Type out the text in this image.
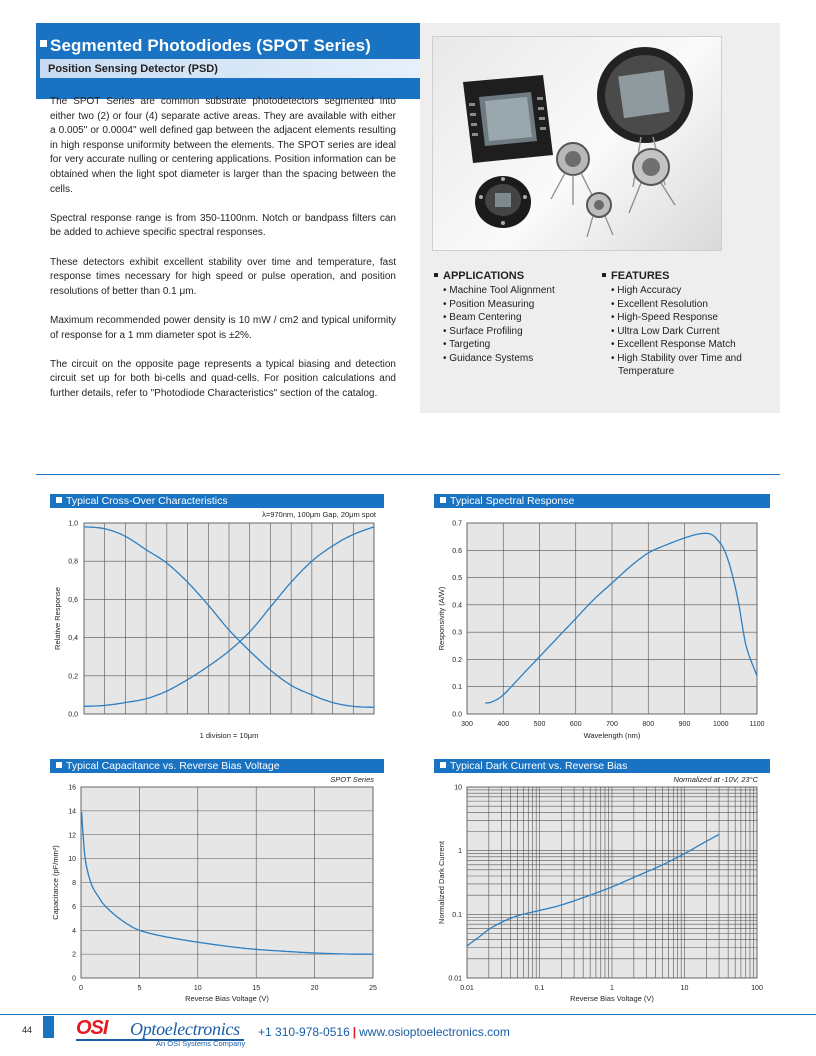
Segmented Photodiodes (SPOT Series)
Position Sensing Detector (PSD)

The SPOT Series are common substrate photodetectors segmented into either two (2) or four (4) separate active areas. They are available with either a 0.005" or 0.0004" well defined gap between the adjacent elements resulting in high response uniformity between the elements. The SPOT series are ideal for very accurate nulling or centering applications. Position information can be obtained when the light spot diameter is larger than the spacing between the cells.

Spectral response range is from 350-1100nm. Notch or bandpass filters can be added to achieve specific spectral responses.

These detectors exhibit excellent stability over time and temperature, fast response times necessary for high speed or pulse operation, and position resolutions of better than 0.1 μm.

Maximum recommended power density is 10 mW / cm2 and typical uniformity of response for a 1 mm diameter spot is ±2%.

The circuit on the opposite page represents a typical biasing and detection circuit set up for both bi-cells and quad-cells. For position calculations and further details, refer to "Photodiode Characteristics" section of the catalog.

APPLICATIONS
• Machine Tool Alignment
• Position Measuring
• Beam Centering
• Surface Profiling
• Targeting
• Guidance Systems
FEATURES
• High Accuracy
• Excellent Resolution
• High-Speed Response
• Ultra Low Dark Current
• Excellent Response Match
• High Stability over Time and Temperature
Typical Cross-Over Characteristics
λ=970nm, 100μm Gap, 20μm spot
0,0
0,2
0,4
0,6
0,8
1,0
Relative Response
1 division = 10μm
Typical Spectral Response
300	400	500	600	700	800	900	1000	1100
0.0
0.1
0.2
0.3
0.4
0.5
0.6
0.7
Responsivity (A/W)
Wavelength (nm)
Typical Capacitance vs. Reverse Bias Voltage
SPOT Series
0	5	10	15	20	25
0
2
4
6
8
10
12
14
16
Capacitance (pF/mm²)
Reverse Bias Voltage (V)
Typical Dark Current vs. Reverse Bias
Normalized at -10V, 23°C
0.01	0.1	1	10	100
0.01
0.1
1
10
Normalized Dark Current
Reverse Bias Voltage (V)
44 OSI Optoelectronics
An OSI Systems Company
+1 310-978-0516 | www.osioptoelectronics.com
